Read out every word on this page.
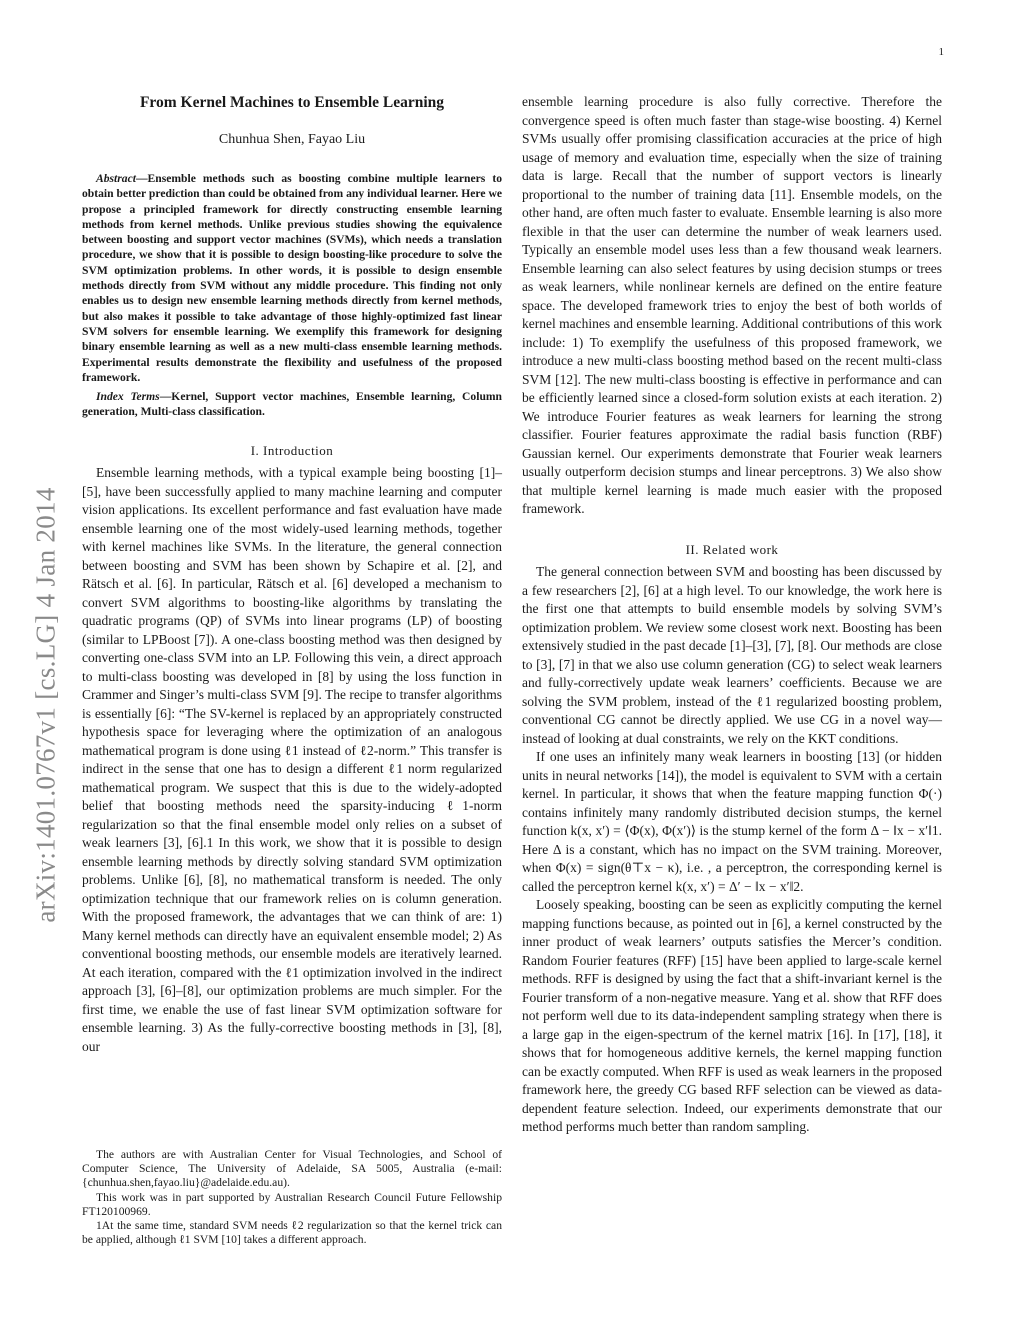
1
arXiv:1401.0767v1 [cs.LG] 4 Jan 2014
From Kernel Machines to Ensemble Learning
Chunhua Shen, Fayao Liu
Abstract—Ensemble methods such as boosting combine multiple learners to obtain better prediction than could be obtained from any individual learner. Here we propose a principled framework for directly constructing ensemble learning methods from kernel methods. Unlike previous studies showing the equivalence between boosting and support vector machines (SVMs), which needs a translation procedure, we show that it is possible to design boosting-like procedure to solve the SVM optimization problems. In other words, it is possible to design ensemble methods directly from SVM without any middle procedure. This finding not only enables us to design new ensemble learning methods directly from kernel methods, but also makes it possible to take advantage of those highly-optimized fast linear SVM solvers for ensemble learning. We exemplify this framework for designing binary ensemble learning as well as a new multi-class ensemble learning methods. Experimental results demonstrate the flexibility and usefulness of the proposed framework.
Index Terms—Kernel, Support vector machines, Ensemble learning, Column generation, Multi-class classification.
I. Introduction
Ensemble learning methods, with a typical example being boosting [1]–[5], have been successfully applied to many machine learning and computer vision applications. Its excellent performance and fast evaluation have made ensemble learning one of the most widely-used learning methods, together with kernel machines like SVMs. In the literature, the general connection between boosting and SVM has been shown by Schapire et al. [2], and Rätsch et al. [6]. In particular, Rätsch et al. [6] developed a mechanism to convert SVM algorithms to boosting-like algorithms by translating the quadratic programs (QP) of SVMs into linear programs (LP) of boosting (similar to LPBoost [7]). A one-class boosting method was then designed by converting one-class SVM into an LP. Following this vein, a direct approach to multi-class boosting was developed in [8] by using the loss function in Crammer and Singer’s multi-class SVM [9]. The recipe to transfer algorithms is essentially [6]: “The SV-kernel is replaced by an appropriately constructed hypothesis space for leveraging where the optimization of an analogous mathematical program is done using ℓ1 instead of ℓ2-norm.” This transfer is indirect in the sense that one has to design a different ℓ1 norm regularized mathematical program. We suspect that this is due to the widely-adopted belief that boosting methods need the sparsity-inducing ℓ1-norm regularization so that the final ensemble model only relies on a subset of weak learners [3], [6].1 In this work, we show that it is possible to design ensemble learning methods by directly solving standard SVM optimization problems. Unlike [6], [8], no mathematical transform is needed. The only optimization technique that our framework relies on is column generation. With the proposed framework, the advantages that we can think of are: 1) Many kernel methods can directly have an equivalent ensemble model; 2) As conventional boosting methods, our ensemble models are iteratively learned. At each iteration, compared with the ℓ1 optimization involved in the indirect approach [3], [6]–[8], our optimization problems are much simpler. For the first time, we enable the use of fast linear SVM optimization software for ensemble learning. 3) As the fully-corrective boosting methods in [3], [8], our

The authors are with Australian Center for Visual Technologies, and School of Computer Science, The University of Adelaide, SA 5005, Australia (e-mail: {chunhua.shen,fayao.liu}@adelaide.edu.au).

This work was in part supported by Australian Research Council Future Fellowship FT120100969.

1At the same time, standard SVM needs ℓ2 regularization so that the kernel trick can be applied, although ℓ1 SVM [10] takes a different approach.

ensemble learning procedure is also fully corrective. Therefore the convergence speed is often much faster than stage-wise boosting. 4) Kernel SVMs usually offer promising classification accuracies at the price of high usage of memory and evaluation time, especially when the size of training data is large. Recall that the number of support vectors is linearly proportional to the number of training data [11]. Ensemble models, on the other hand, are often much faster to evaluate. Ensemble learning is also more flexible in that the user can determine the number of weak learners used. Typically an ensemble model uses less than a few thousand weak learners. Ensemble learning can also select features by using decision stumps or trees as weak learners, while nonlinear kernels are defined on the entire feature space. The developed framework tries to enjoy the best of both worlds of kernel machines and ensemble learning. Additional contributions of this work include: 1) To exemplify the usefulness of this proposed framework, we introduce a new multi-class boosting method based on the recent multi-class SVM [12]. The new multi-class boosting is effective in performance and can be efficiently learned since a closed-form solution exists at each iteration. 2) We introduce Fourier features as weak learners for learning the strong classifier. Fourier features approximate the radial basis function (RBF) Gaussian kernel. Our experiments demonstrate that Fourier weak learners usually outperform decision stumps and linear perceptrons. 3) We also show that multiple kernel learning is made much easier with the proposed framework.
II. Related work
The general connection between SVM and boosting has been discussed by a few researchers [2], [6] at a high level. To our knowledge, the work here is the first one that attempts to build ensemble models by solving SVM’s optimization problem. We review some closest work next. Boosting has been extensively studied in the past decade [1]–[3], [7], [8]. Our methods are close to [3], [7] in that we also use column generation (CG) to select weak learners and fully-correctively update weak learners’ coefficients. Because we are solving the SVM problem, instead of the ℓ1 regularized boosting problem, conventional CG cannot be directly applied. We use CG in a novel way—instead of looking at dual constraints, we rely on the KKT conditions.
If one uses an infinitely many weak learners in boosting [13] (or hidden units in neural networks [14]), the model is equivalent to SVM with a certain kernel. In particular, it shows that when the feature mapping function Φ(·) contains infinitely many randomly distributed decision stumps, the kernel function k(x, x′) = ⟨Φ(x), Φ(x′)⟩ is the stump kernel of the form Δ − ‖x − x′‖1. Here Δ is a constant, which has no impact on the SVM training. Moreover, when Φ(x) = sign(θ⊤x − κ), i.e. , a perceptron, the corresponding kernel is called the perceptron kernel k(x, x′) = Δ′ − ‖x − x′‖2.
Loosely speaking, boosting can be seen as explicitly computing the kernel mapping functions because, as pointed out in [6], a kernel constructed by the inner product of weak learners’ outputs satisfies the Mercer’s condition. Random Fourier features (RFF) [15] have been applied to large-scale kernel methods. RFF is designed by using the fact that a shift-invariant kernel is the Fourier transform of a non-negative measure. Yang et al. show that RFF does not perform well due to its data-independent sampling strategy when there is a large gap in the eigen-spectrum of the kernel matrix [16]. In [17], [18], it shows that for homogeneous additive kernels, the kernel mapping function can be exactly computed. When RFF is used as weak learners in the proposed framework here, the greedy CG based RFF selection can be viewed as data-dependent feature selection. Indeed, our experiments demonstrate that our method performs much better than random sampling.
